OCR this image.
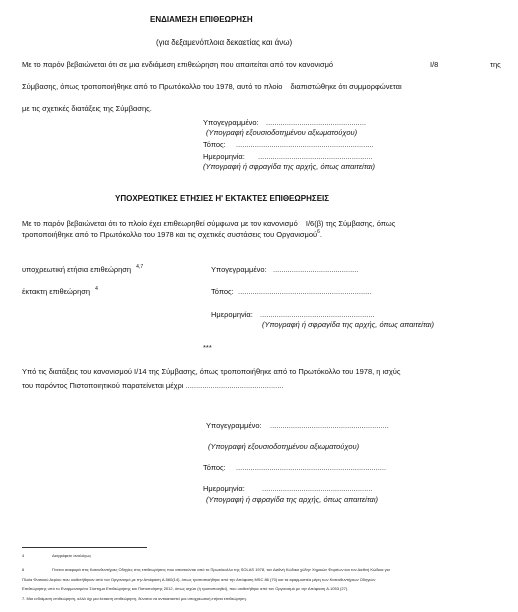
ΕΝΔΙΑΜΕΣΗ ΕΠΙΘΕΩΡΗΣΗ
(για δεξαμενόπλοια δεκαετίας και άνω)
Με το παρόν βεβαιώνεται ότι σε μια ενδιάμεση επιθεώρηση που απαιτείται από τον κανονισμό	I/8	της
Σύμβασης, όπως τροποποιήθηκε από το Πρωτόκολλο του 1978, αυτό το πλοίο διαπιστώθηκε ότι συμμορφώνεται
με τις σχετικές διατάξεις της Σύμβασης.
Υπογεγραμμένο: ................................................
(Υπογραφή εξουσιοδοτημένου αξιωματούχου)
Τόπος: ..................................................................
Ημερομηνία: .......................................................
(Υπογραφή ή σφραγίδα της αρχής, όπως απαιτείται)
ΥΠΟΧΡΕΩΤΙΚΕΣ ΕΤΗΣΙΕΣ Η' ΕΚΤΑΚΤΕΣ ΕΠΙΘΕΩΡΗΣΕΙΣ
Με το παρόν βεβαιώνεται ότι το πλοίο έχει επιθεωρηθεί σύμφωνα με τον κανονισμό I/6(β) της Σύμβασης, όπως
τροποποιήθηκε από το Πρωτόκολλο του 1978 και τις σχετικές συστάσεις του Οργανισμού$^6$.
υποχρεωτική ετήσια επιθεώρηση $^{4,7}$	Υπογεγραμμένο: .........................................
έκτακτη επιθεώρηση $^4$	Τόπος: ................................................................
Ημερομηνία: .......................................................
(Υπογραφή ή σφραγίδα της αρχής, όπως απαιτείται)
***
Υπό τις διατάξεις του κανονισμού I/14 της Σύμβασης, όπως τροποποιήθηκε από το Πρωτόκολλο του 1978, η ισχύς
του παρόντος Πιστοποιητικού παρατείνεται μέχρι ...............................................
Υπογεγραμμένο: .........................................................
(Υπογραφή εξουσιοδοτημένου αξιωματούχου)
Τόπος: ........................................................................
Ημερομηνία: .....................................................
(Υπογραφή ή σφραγίδα της αρχής, όπως απαιτείται)
4	Διαγράφετε αναλόγως
6	Γίνεται αναφορά στις Κατευθυντήριες Οδηγίες στις επιθεωρήσεις που απαιτούνται από το Πρωτόκολλο της SOLAS 1978, τον Διεθνή Κώδικα χύδην Χημικών Φορτίων και τον Διεθνή Κώδικα για
Πλοία Φυσικού Αερίου που υιοθετήθηκαν από τον Οργανισμό με την Απόφαση A.560(14), όπως τροποποιήθηκε από την Απόφαση MSC 86 (70) και τα εφαρμοστέα μέρη των Κατευθυντήριων Οδηγιών
Επιθεώρησης υπό το Εναρμονισμένο Σύστημα Επιθεώρησης και Πιστοποίησης 2012, όπως ισχύει (ή τροποποιηθεί), που υιοθετήθηκε από τον Οργανισμό με την Απόφαση A.1053 (27).
7. Μια ενδιάμεση επιθεώρηση, αλλά όχι μια έκτακτη επιθεώρηση, δύναται να αντικαταστεί μια υποχρεωτική ετήσια επιθεώρηση.
